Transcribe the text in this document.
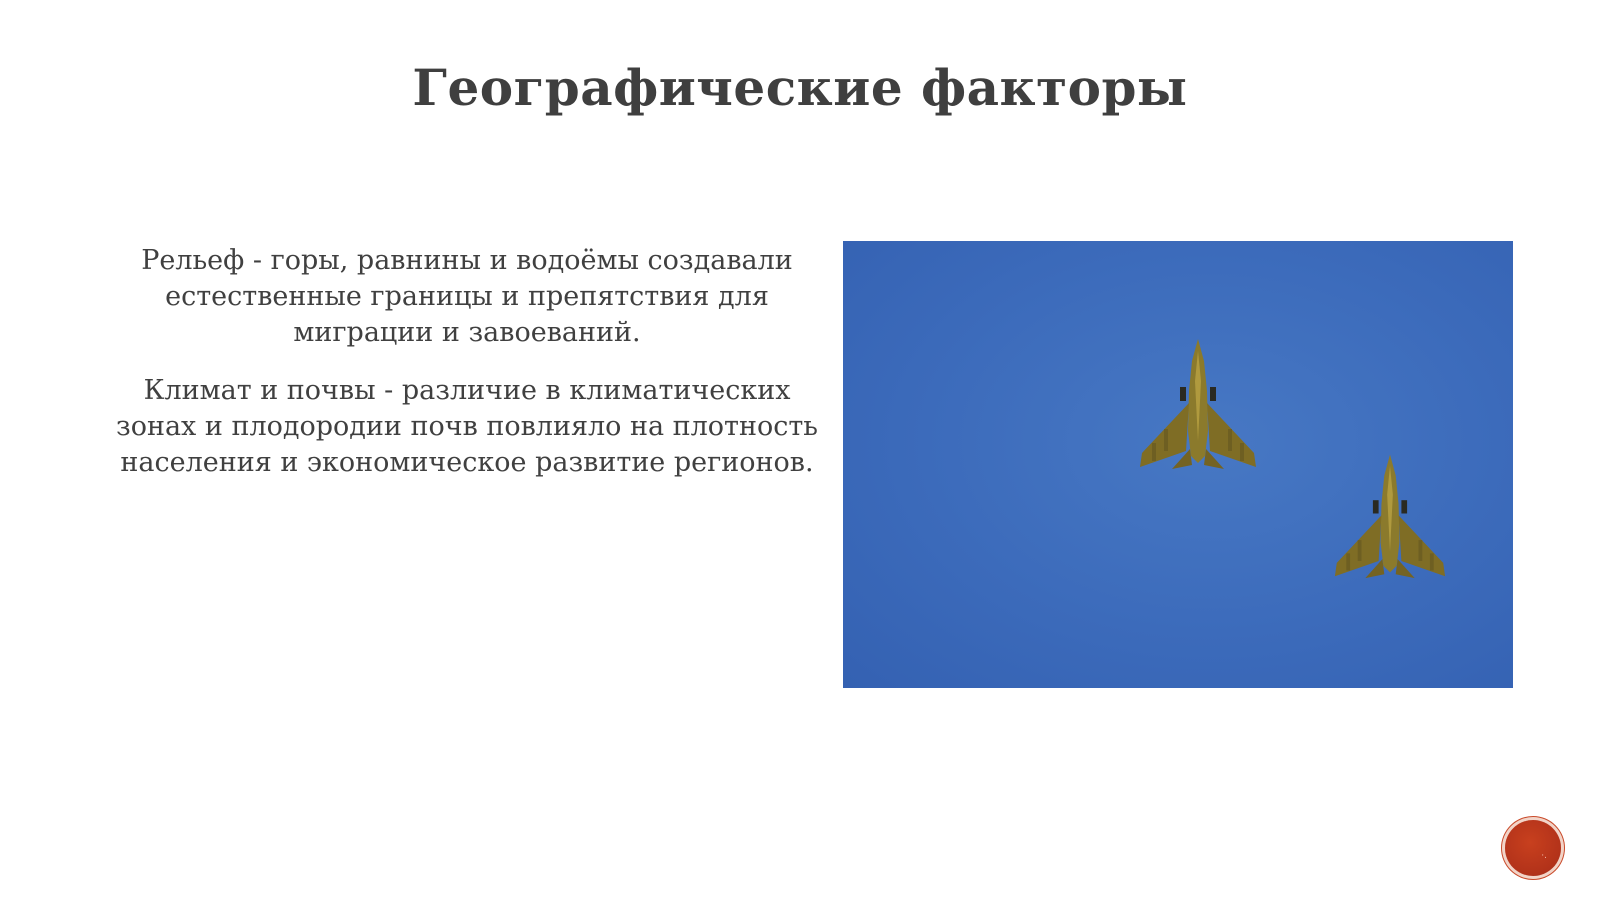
Географические факторы

Рельеф - горы, равнины и водоёмы создавали естественные границы и препятствия для миграции и завоеваний.

Климат и почвы - различие в климатических зонах и плодородии почв повлияло на плотность населения и экономическое развитие регионов.

·.
